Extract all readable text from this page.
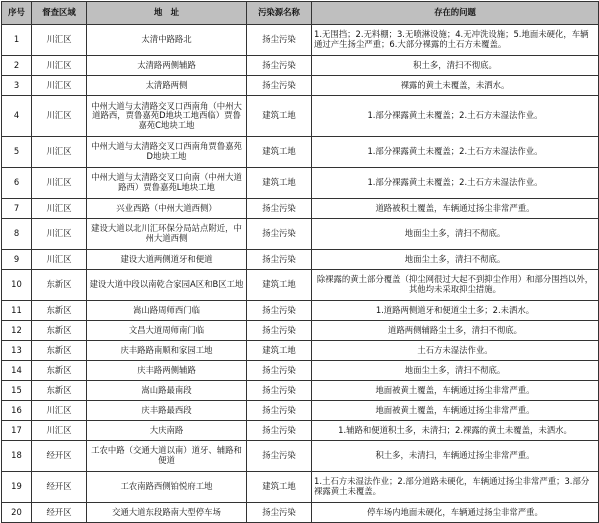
序号	督查区域	地　址	污染源名称	存在的问题
1	川汇区	太清中路路北	扬尘污染	1.无围挡；2.无料棚；3.无喷淋设施；4.无冲洗设施；5.地面未硬化，车辆通过产生扬尘严重；6.大部分裸露的土石方未覆盖。
2	川汇区	太清路两侧辅路	扬尘污染	积土多，清扫不彻底。
3	川汇区	太清路两侧	扬尘污染	裸露的黄土未覆盖，未洒水。
4	川汇区	中州大道与太清路交叉口西南角（中州大道路西，贾鲁嘉苑D地块工地西临）贾鲁嘉苑C地块工地	建筑工地	1.部分裸露黄土未覆盖；2.土石方未湿法作业。
5	川汇区	中州大道与太清路交叉口西南角贾鲁嘉苑D地块工地	建筑工地	1.部分裸露黄土未覆盖；2.土石方未湿法作业。
6	川汇区	中州大道与太清路交叉口向南（中州大道路西）贾鲁嘉苑L地块工地	建筑工地	1.部分裸露黄土未覆盖；2.土石方未湿法作业。
7	川汇区	兴业西路（中州大道西侧）	扬尘污染	道路被积土覆盖，车辆通过扬尘非常严重。
8	川汇区	建设大道以北川汇环保分局站点附近，中州大道西侧	扬尘污染	地面尘土多，清扫不彻底。
9	川汇区	建设大道两侧道牙和便道	扬尘污染	地面尘土多，清扫不彻底。
10	东新区	建设大道中段以南乾合家园A区和B区工地	建筑工地	除裸露的黄土部分覆盖（抑尘网很过大起不到抑尘作用）和部分围挡以外，其他均未采取抑尘措施。
11	东新区	嵩山路周师西门临	扬尘污染	1.道路两侧道牙和便道尘土多；2.未洒水。
12	东新区	文昌大道周师南门临	扬尘污染	道路两侧辅路尘土多，清扫不彻底。
13	东新区	庆丰路路南顺和家园工地	建筑工地	土石方未湿法作业。
14	东新区	庆丰路两侧辅路	扬尘污染	地面尘土多，清扫不彻底。
15	东新区	嵩山路最南段	扬尘污染	地面被黄土覆盖，车辆通过扬尘非常严重。
16	川汇区	庆丰路最西段	扬尘污染	地面被黄土覆盖，车辆通过扬尘非常严重。
17	川汇区	大庆南路	扬尘污染	1.辅路和便道积土多，未清扫；2.裸露的黄土未覆盖，未洒水。
18	经开区	工农中路（交通大道以南）道牙、辅路和便道	扬尘污染	积土多，未清扫，车辆通过扬尘非常严重。
19	经开区	工农南路西侧铂悦府工地	建筑工地	1.土石方未湿法作业；2.部分道路未硬化，车辆通过扬尘非常严重；3.部分裸露黄土未覆盖。
20	经开区	交通大道东段路南大型停车场	扬尘污染	停车场内地面未硬化，车辆通过扬尘非常严重。
